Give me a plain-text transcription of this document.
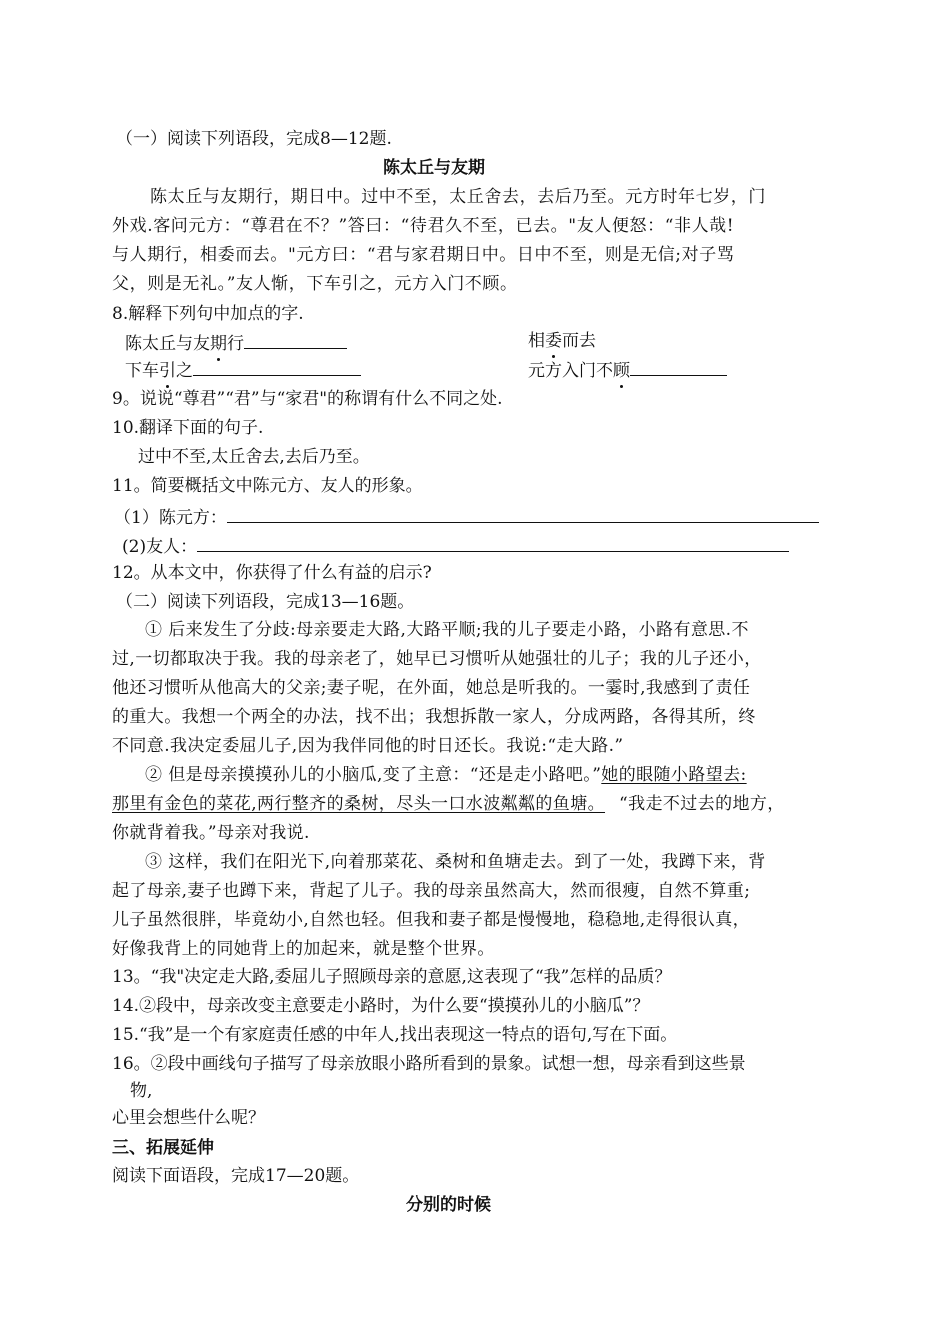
（一）阅读下列语段，完成8—12题.
陈太丘与友期
陈太丘与友期行，期日中。过中不至，太丘舍去，去后乃至。元方时年七岁，门
外戏.客问元方：“尊君在不？”答曰：“待君久不至，已去。"友人便怒：“非人哉!
与人期行，相委而去。"元方曰：“君与家君期日中。日中不至，则是无信;对子骂
父，则是无礼。”友人惭，下车引之，元方入门不顾。
8.解释下列句中加点的字.
陈太丘与友期行	相委而去
下车引之	元方入门不顾
9。说说“尊君”“君”与“家君"的称谓有什么不同之处.
10.翻译下面的句子.
过中不至,太丘舍去,去后乃至。
11。简要概括文中陈元方、友人的形象。
（1）陈元方：
(2)友人：
12。从本文中，你获得了什么有益的启示?
（二）阅读下列语段，完成13—16题。
① 后来发生了分歧:母亲要走大路,大路平顺;我的儿子要走小路，小路有意思.不
过,一切都取决于我。我的母亲老了，她早已习惯听从她强壮的儿子；我的儿子还小，
他还习惯听从他高大的父亲;妻子呢，在外面，她总是听我的。一霎时,我感到了责任
的重大。我想一个两全的办法，找不出；我想拆散一家人，分成两路，各得其所，终
不同意.我决定委屈儿子,因为我伴同他的时日还长。我说:“走大路.”
② 但是母亲摸摸孙儿的小脑瓜,变了主意：“还是走小路吧。”她的眼随小路望去:
那里有金色的菜花,两行整齐的桑树，尽头一口水波粼粼的鱼塘。 “我走不过去的地方，
你就背着我。”母亲对我说.
③ 这样，我们在阳光下,向着那菜花、桑树和鱼塘走去。到了一处，我蹲下来，背
起了母亲,妻子也蹲下来，背起了儿子。我的母亲虽然高大，然而很瘦，自然不算重;
儿子虽然很胖，毕竟幼小,自然也轻。但我和妻子都是慢慢地，稳稳地,走得很认真，
好像我背上的同她背上的加起来，就是整个世界。
13。“我"决定走大路,委屈儿子照顾母亲的意愿,这表现了“我”怎样的品质？
14.②段中，母亲改变主意要走小路时，为什么要“摸摸孙儿的小脑瓜”？
15.“我”是一个有家庭责任感的中年人,找出表现这一特点的语句,写在下面。
16。②段中画线句子描写了母亲放眼小路所看到的景象。试想一想，母亲看到这些景
物,
心里会想些什么呢？
三、拓展延伸
阅读下面语段，完成17—20题。
分别的时候
